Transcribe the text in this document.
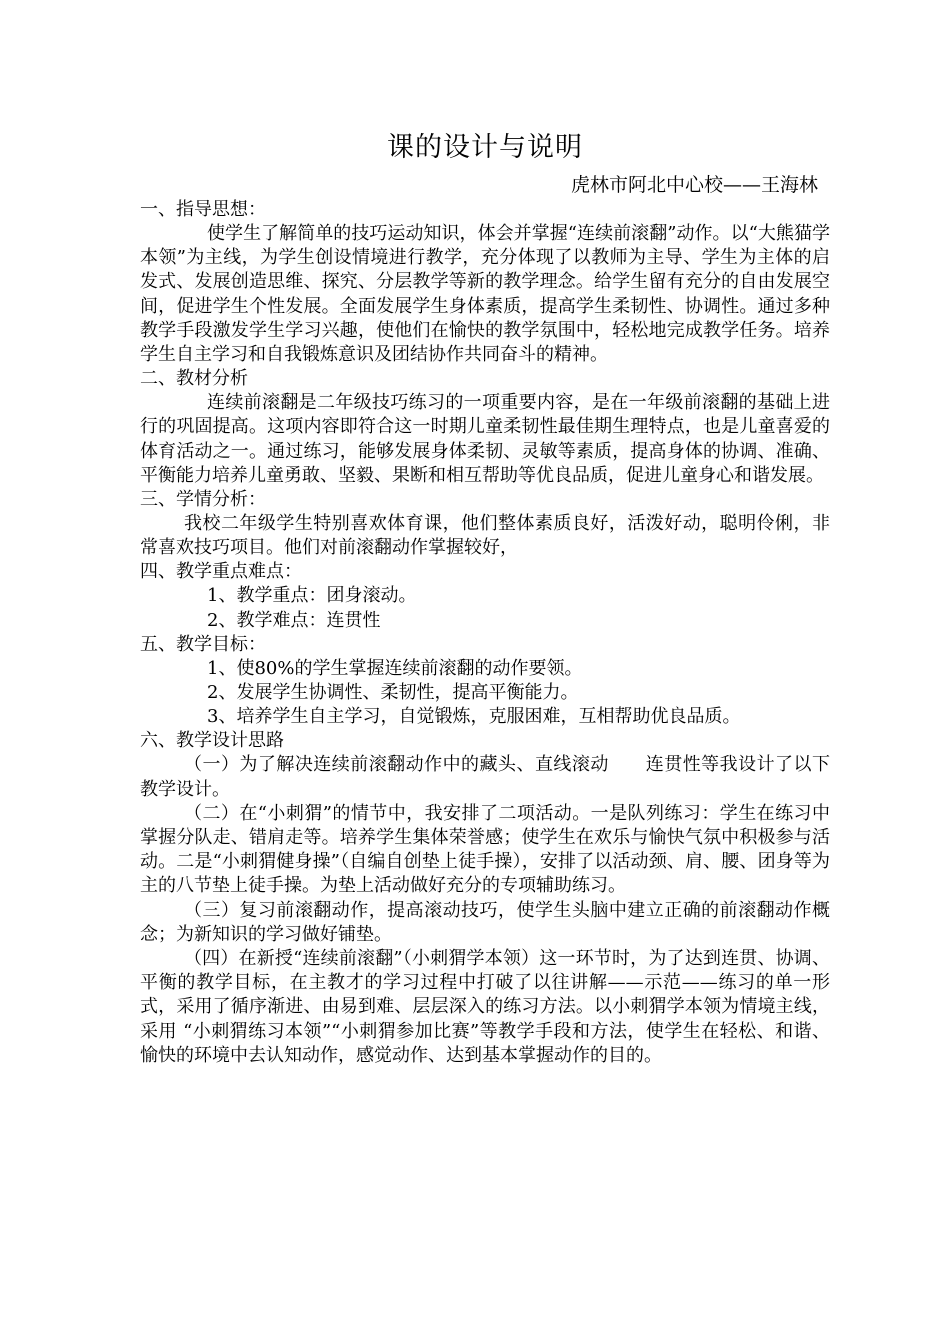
课的设计与说明
虎林市阿北中心校——王海林
一、指导思想：

使学生了解简单的技巧运动知识，体会并掌握“连续前滚翻”动作。以“大熊猫学本领”为主线，为学生创设情境进行教学，充分体现了以教师为主导、学生为主体的启发式、发展创造思维、探究、分层教学等新的教学理念。给学生留有充分的自由发展空间，促进学生个性发展。全面发展学生身体素质，提高学生柔韧性、协调性。通过多种教学手段激发学生学习兴趣，使他们在愉快的教学氛围中，轻松地完成教学任务。培养学生自主学习和自我锻炼意识及团结协作共同奋斗的精神。

二、教材分析

连续前滚翻是二年级技巧练习的一项重要内容，是在一年级前滚翻的基础上进行的巩固提高。这项内容即符合这一时期儿童柔韧性最佳期生理特点，也是儿童喜爱的体育活动之一。通过练习，能够发展身体柔韧、灵敏等素质，提高身体的协调、准确、平衡能力培养儿童勇敢、坚毅、果断和相互帮助等优良品质，促进儿童身心和谐发展。

三、学情分析：

我校二年级学生特别喜欢体育课，他们整体素质良好，活泼好动，聪明伶俐，非常喜欢技巧项目。他们对前滚翻动作掌握较好，

四、教学重点难点：
1、教学重点：团身滚动。
2、教学难点：连贯性
五、教学目标：
1、使80%的学生掌握连续前滚翻的动作要领。
2、发展学生协调性、柔韧性，提高平衡能力。
3、培养学生自主学习，自觉锻炼，克服困难，互相帮助优良品质。
六、教学设计思路

（一）为了解决连续前滚翻动作中的藏头、直线滚动　　连贯性等我设计了以下教学设计。

（二）在“小刺猬”的情节中，我安排了二项活动。一是队列练习：学生在练习中掌握分队走、错肩走等。培养学生集体荣誉感；使学生在欢乐与愉快气氛中积极参与活动。二是“小刺猬健身操”（自编自创垫上徒手操），安排了以活动颈、肩、腰、团身等为主的八节垫上徒手操。为垫上活动做好充分的专项辅助练习。

（三）复习前滚翻动作，提高滚动技巧，使学生头脑中建立正确的前滚翻动作概念；为新知识的学习做好铺垫。

（四）在新授“连续前滚翻”（小刺猬学本领）这一环节时，为了达到连贯、协调、平衡的教学目标，在主教才的学习过程中打破了以往讲解——示范——练习的单一形式，采用了循序渐进、由易到难、层层深入的练习方法。以小刺猬学本领为情境主线，采用 “小刺猬练习本领”“小刺猬参加比赛”等教学手段和方法，使学生在轻松、和谐、愉快的环境中去认知动作，感觉动作、达到基本掌握动作的目的。
